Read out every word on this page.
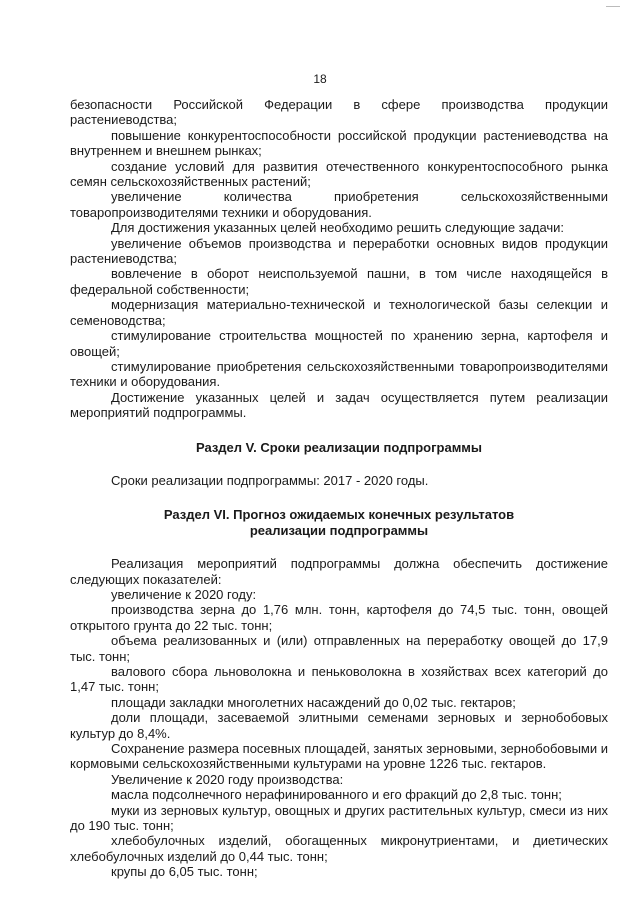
18

безопасности Российской Федерации в сфере производства продукции растениеводства;

повышение конкурентоспособности российской продукции растениеводства на внутреннем и внешнем рынках;

создание условий для развития отечественного конкурентоспособного рынка семян сельскохозяйственных растений;

увеличение количества приобретения сельскохозяйственными товаропроизводителями техники и оборудования.

Для достижения указанных целей необходимо решить следующие задачи:

увеличение объемов производства и переработки основных видов продукции растениеводства;

вовлечение в оборот неиспользуемой пашни, в том числе находящейся в федеральной собственности;

модернизация материально-технической и технологической базы селекции и семеноводства;

стимулирование строительства мощностей по хранению зерна, картофеля и овощей;

стимулирование приобретения сельскохозяйственными товаропроизводителями техники и оборудования.

Достижение указанных целей и задач осуществляется путем реализации мероприятий подпрограммы.

Раздел V. Сроки реализации подпрограммы

Сроки реализации подпрограммы: 2017 - 2020 годы.

Раздел VI. Прогноз ожидаемых конечных результатов

реализации подпрограммы

Реализация мероприятий подпрограммы должна обеспечить достижение следующих показателей:

увеличение к 2020 году:

производства зерна до 1,76 млн. тонн, картофеля до 74,5 тыс. тонн, овощей открытого грунта до 22 тыс. тонн;

объема реализованных и (или) отправленных на переработку овощей до 17,9 тыс. тонн;

валового сбора льноволокна и пеньковолокна в хозяйствах всех категорий до 1,47 тыс. тонн;

площади закладки многолетних насаждений до 0,02 тыс. гектаров;

доли площади, засеваемой элитными семенами зерновых и зернобобовых культур до 8,4%.

Сохранение размера посевных площадей, занятых зерновыми, зернобобовыми и кормовыми сельскохозяйственными культурами на уровне 1226 тыс. гектаров.

Увеличение к 2020 году производства:

масла подсолнечного нерафинированного и его фракций до 2,8 тыс. тонн;

муки из зерновых культур, овощных и других растительных культур, смеси из них до 190 тыс. тонн;

хлебобулочных изделий, обогащенных микронутриентами, и диетических хлебобулочных изделий до 0,44 тыс. тонн;

крупы до 6,05 тыс. тонн;
